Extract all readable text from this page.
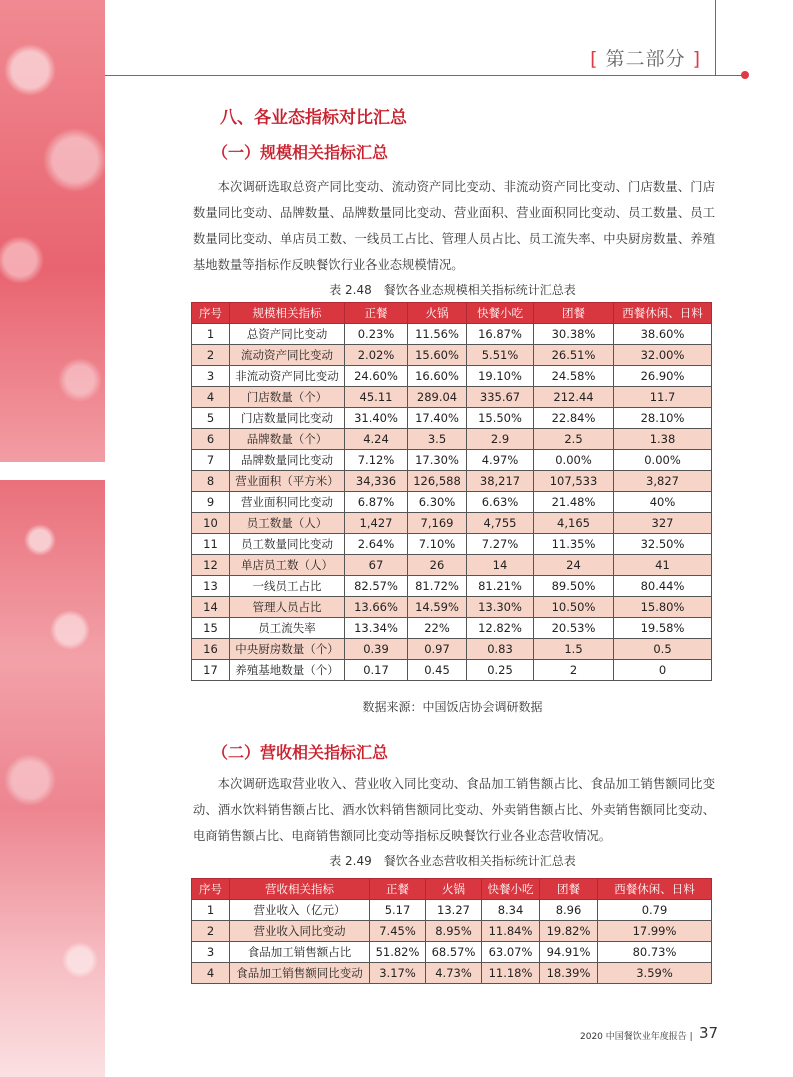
[ 第二部分 ]
八、各业态指标对比汇总
（一）规模相关指标汇总
本次调研选取总资产同比变动、流动资产同比变动、非流动资产同比变动、门店数量、门店数量同比变动、品牌数量、品牌数量同比变动、营业面积、营业面积同比变动、员工数量、员工数量同比变动、单店员工数、一线员工占比、管理人员占比、员工流失率、中央厨房数量、养殖基地数量等指标作反映餐饮行业各业态规模情况。
表 2.48　餐饮各业态规模相关指标统计汇总表
序号	规模相关指标	正餐	火锅	快餐小吃	团餐	西餐休闲、日料
1	总资产同比变动	0.23%	11.56%	16.87%	30.38%	38.60%
2	流动资产同比变动	2.02%	15.60%	5.51%	26.51%	32.00%
3	非流动资产同比变动	24.60%	16.60%	19.10%	24.58%	26.90%
4	门店数量（个）	45.11	289.04	335.67	212.44	11.7
5	门店数量同比变动	31.40%	17.40%	15.50%	22.84%	28.10%
6	品牌数量（个）	4.24	3.5	2.9	2.5	1.38
7	品牌数量同比变动	7.12%	17.30%	4.97%	0.00%	0.00%
8	营业面积（平方米）	34,336	126,588	38,217	107,533	3,827
9	营业面积同比变动	6.87%	6.30%	6.63%	21.48%	40%
10	员工数量（人）	1,427	7,169	4,755	4,165	327
11	员工数量同比变动	2.64%	7.10%	7.27%	11.35%	32.50%
12	单店员工数（人）	67	26	14	24	41
13	一线员工占比	82.57%	81.72%	81.21%	89.50%	80.44%
14	管理人员占比	13.66%	14.59%	13.30%	10.50%	15.80%
15	员工流失率	13.34%	22%	12.82%	20.53%	19.58%
16	中央厨房数量（个）	0.39	0.97	0.83	1.5	0.5
17	养殖基地数量（个）	0.17	0.45	0.25	2	0
数据来源：中国饭店协会调研数据
（二）营收相关指标汇总
本次调研选取营业收入、营业收入同比变动、食品加工销售额占比、食品加工销售额同比变动、酒水饮料销售额占比、酒水饮料销售额同比变动、外卖销售额占比、外卖销售额同比变动、电商销售额占比、电商销售额同比变动等指标反映餐饮行业各业态营收情况。
表 2.49　餐饮各业态营收相关指标统计汇总表
序号	营收相关指标	正餐	火锅	快餐小吃	团餐	西餐休闲、日料
1	营业收入（亿元）	5.17	13.27	8.34	8.96	0.79
2	营业收入同比变动	7.45%	8.95%	11.84%	19.82%	17.99%
3	食品加工销售额占比	51.82%	68.57%	63.07%	94.91%	80.73%
4	食品加工销售额同比变动	3.17%	4.73%	11.18%	18.39%	3.59%
2020 中国餐饮业年度报告 | 37
